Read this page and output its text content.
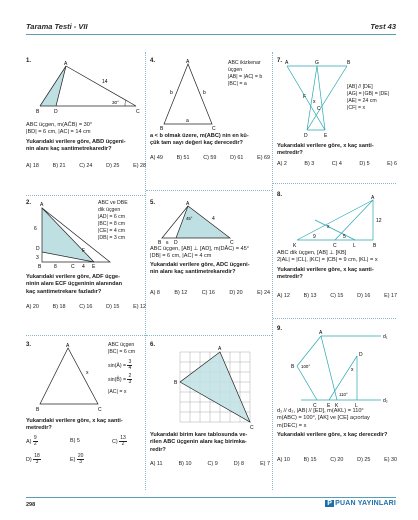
Tarama Testi - VII	Test 43
1.	A
B	D	C
14
30°
ABC üçgen, m(AĈB) = 30°
|BD| = 6 cm, |AC| = 14 cm
Yukarıdaki verilere göre, ABD üçgeni-
nin alanı kaç santimetrekaredir?
A) 18	B) 21	C) 24	D) 25	E) 28
4.	A
B	C
b	b
a
ABC ikizkenar
üçgen
|AB| = |AC| = b
|BC| = a
a < b olmak üzere, m(ABC) nin en kü-
çük tam sayı değeri kaç derecedir?
A) 49	B) 51	C) 59	D) 61	E) 69
7. A	G	B
F
x
C
D	E
[AB] // [DE]
|AG| = |GB| = |DE|
|AE| = 24 cm
|CF| = x
Yukarıdaki verilere göre, x kaç santi-
metredir?
A) 2	B) 3	C) 4	D) 5	E) 6
2. A
D
B	C	E
F
6
8	4
3
ABC ve DBE
dik üçgen
|AD| = 6 cm
|BC| = 8 cm
|CE| = 4 cm
|DB| = 3 cm
Yukarıdaki verilere göre, ADF üçge-
ninin alanı ECF üçgeninin alanından
kaç santimetrekare fazladır?
A) 20	B) 18	C) 16	D) 15	E) 12
5.	A
B	D	C
6
4
45°
ABC üçgen, [AB] ⊥ [AD], m(DÂC) = 45°
|DB| = 6 cm, |AC| = 4 cm
Yukarıdaki verilere göre, ADC üçgeni-
nin alanı kaç santimetrekaredir?
A) 8	B) 12	C) 16	D) 20	E) 24
8.	A
K	C	L	B
9	5
12
x
ABC dik üçgen, [AB] ⊥ [KB]
2|AL| = |CL|, |KC| = |CB| = 9 cm, |KL| = x
Yukarıdaki verilere göre, x kaç santi-
metredir?
A) 12	B) 13	C) 15	D) 16	E) 17
3.	A
B	C
x
ABC üçgen
|BC| = 6 cm
sin(Â) = $\frac{3}{4}$
sin(B̂) = $\frac{2}{3}$
|AC| = x
Yukarıdaki verilere göre, x kaç santi-
metredir?
$A) \frac{9}{2}$	B) 5	$C) \frac{13}{2}$
$D) \frac{18}{3}$	$E) \frac{20}{3}$
6.
A
B
C
Yukarıdaki birim kare tablosunda ve-
rilen ABC üçgenin alanı kaç birimka-
redir?
A) 11	B) 10	C) 9	D) 8	E) 7
9.
A
B
C	K	L
D
E
x
d₁
d₂
100°
110°
d₁ // d₂, |AB| // [ED], m(AKL) = 110°
m(ABC) = 100°, [AK] ve [CE] açıortay
m(DEC) = x
Yukarıdaki verilere göre, x kaç derecedir?
A) 10	B) 15	C) 20	D) 25	E) 30
298	P PUAN YAYINLARI
